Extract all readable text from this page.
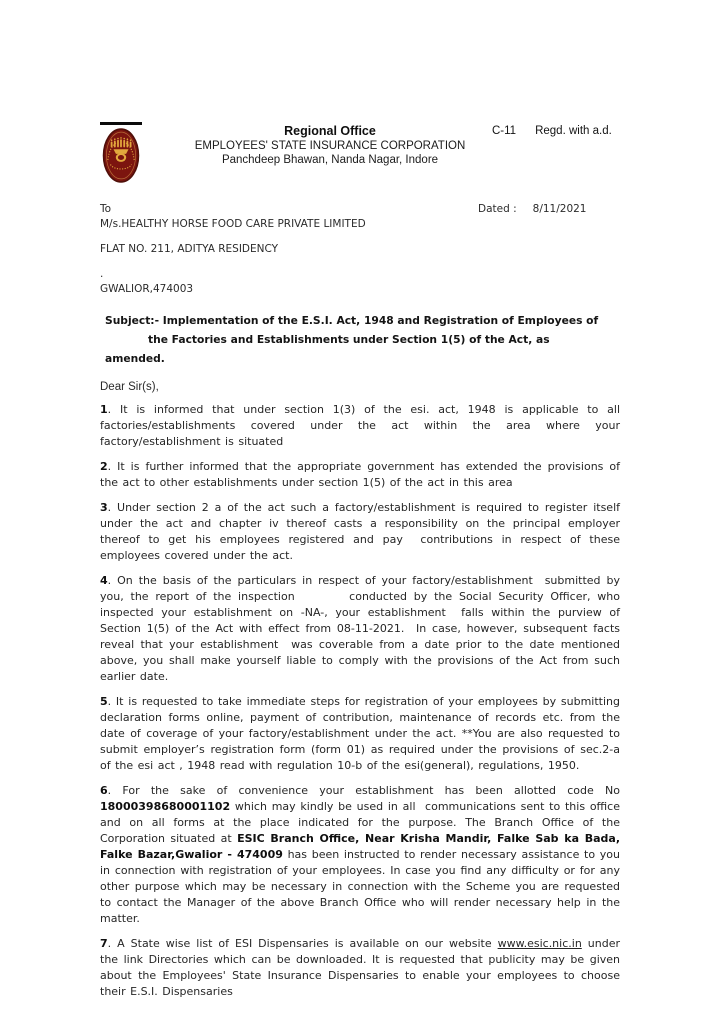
Regional Office
EMPLOYEES' STATE INSURANCE CORPORATION
Panchdeep Bhawan, Nanda Nagar, Indore
C-11 Regd. with a.d.
To	Dated : 8/11/2021
M/s.HEALTHY HORSE FOOD CARE PRIVATE LIMITED
FLAT NO. 211, ADITYA RESIDENCY
.
GWALIOR,474003
Subject:- Implementation of the E.S.I. Act, 1948 and Registration of Employees of
the Factories and Establishments under Section 1(5) of the Act, as
amended.
Dear Sir(s),

1. It is informed that under section 1(3) of the esi. act, 1948 is applicable to all factories/establishments covered under the act within the area where your factory/establishment is situated

2. It is further informed that the appropriate government has extended the provisions of the act to other establishments under section 1(5) of the act in this area

3. Under section 2 a of the act such a factory/establishment is required to register itself under the act and chapter iv thereof casts a responsibility on the principal employer thereof to get his employees registered and pay  contributions in respect of these employees covered under the act.

4. On the basis of the particulars in respect of your factory/establishment  submitted by you, the report of the inspection        conducted by the Social Security Officer, who inspected your establishment on -NA-, your establishment  falls within the purview of Section 1(5) of the Act with effect from 08-11-2021.  In case, however, subsequent facts reveal that your establishment  was coverable from a date prior to the date mentioned above, you shall make yourself liable to comply with the provisions of the Act from such earlier date.

5. It is requested to take immediate steps for registration of your employees by submitting declaration forms online, payment of contribution, maintenance of records etc. from the date of coverage of your factory/establishment under the act. **You are also requested to submit employer’s registration form (form 01) as required under the provisions of sec.2-a of the esi act , 1948 read with regulation 10-b of the esi(general), regulations, 1950.

6. For the sake of convenience your establishment has been allotted code No 18000398680001102 which may kindly be used in all  communications sent to this office and on all forms at the place indicated for the purpose. The Branch Office of the Corporation situated at ESIC Branch Office, Near Krisha Mandir, Falke Sab ka Bada, Falke Bazar,Gwalior - 474009 has been instructed to render necessary assistance to you in connection with registration of your employees. In case you find any difficulty or for any other purpose which may be necessary in connection with the Scheme you are requested to contact the Manager of the above Branch Office who will render necessary help in the matter.

7. A State wise list of ESI Dispensaries is available on our website www.esic.nic.in under the link Directories which can be downloaded. It is requested that publicity may be given about the Employees' State Insurance Dispensaries to enable your employees to choose their E.S.I. Dispensaries
